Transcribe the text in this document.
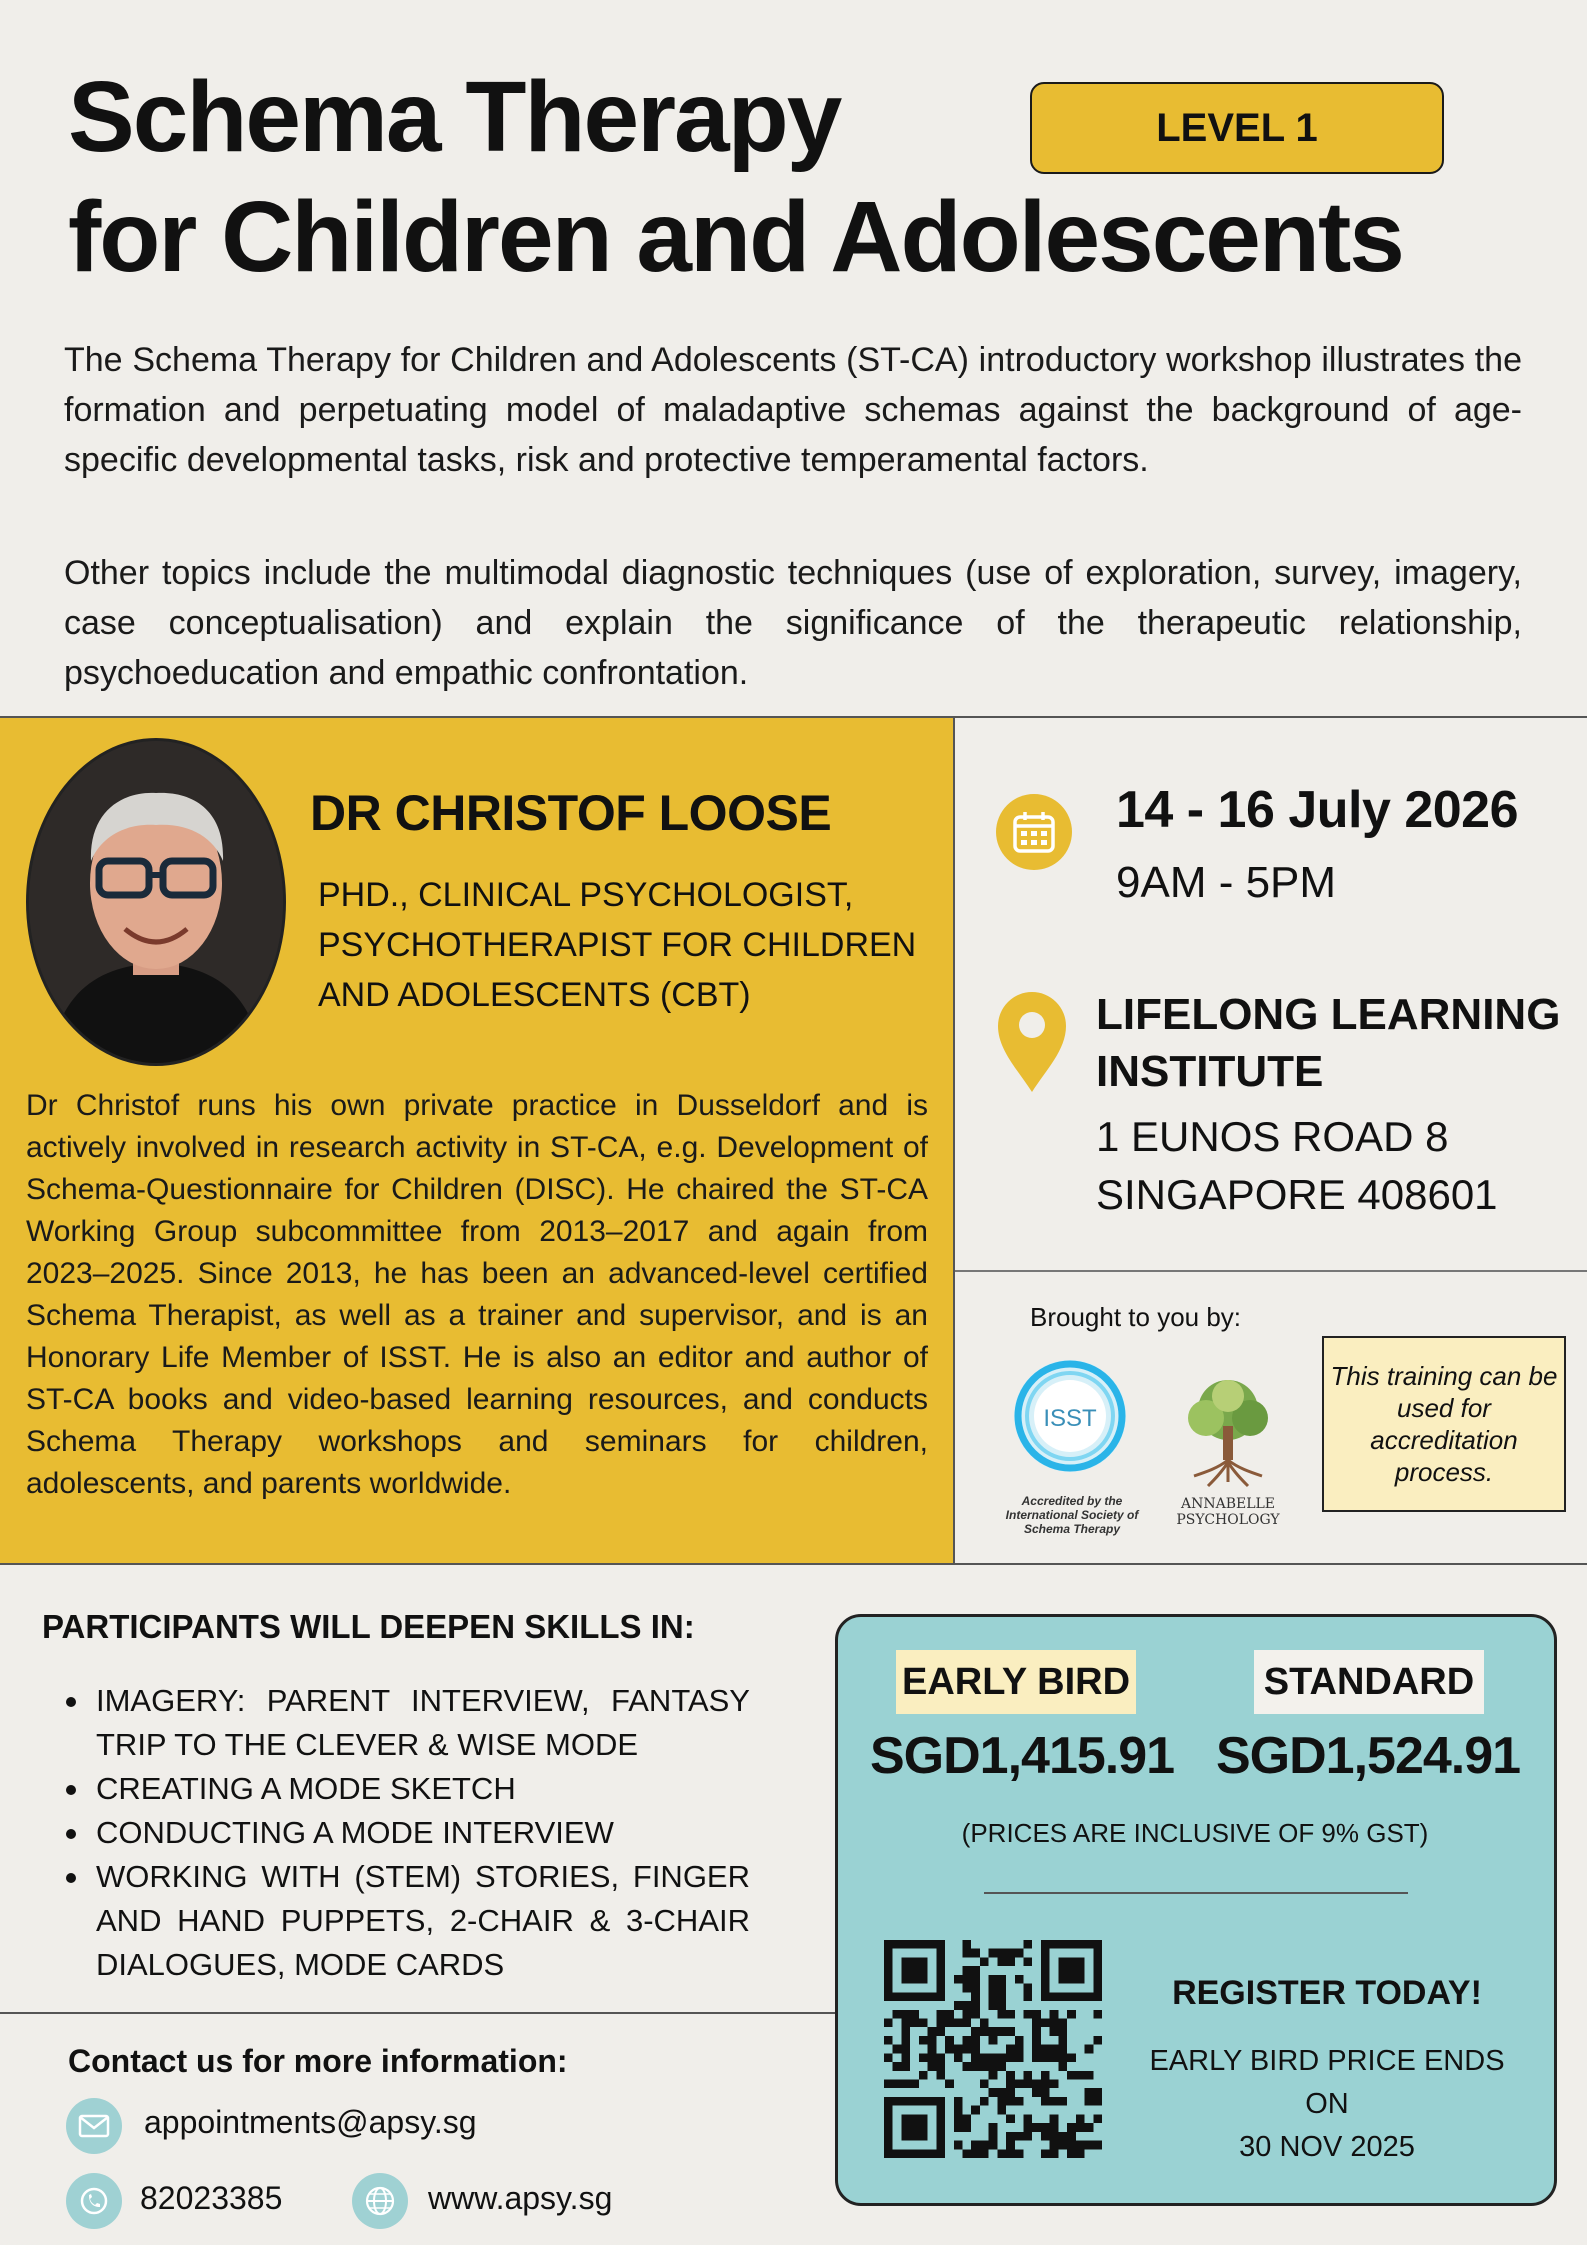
Schema Therapy
for Children and Adolescents
LEVEL 1
The Schema Therapy for Children and Adolescents (ST-CA) introductory workshop illustrates the formation and perpetuating model of maladaptive schemas against the background of age-specific developmental tasks, risk and protective temperamental factors.
Other topics include the multimodal diagnostic techniques (use of exploration, survey, imagery, case conceptualisation) and explain the significance of the therapeutic relationship, psychoeducation and empathic confrontation.
DR CHRISTOF LOOSE
PHD., CLINICAL PSYCHOLOGIST, PSYCHOTHERAPIST FOR CHILDREN AND ADOLESCENTS (CBT)
Dr Christof runs his own private practice in Dusseldorf and is actively involved in research activity in ST-CA, e.g. Development of Schema-Questionnaire for Children (DISC). He chaired the ST-CA Working Group subcommittee from 2013–2017 and again from 2023–2025. Since 2013, he has been an advanced-level certified Schema Therapist, as well as a trainer and supervisor, and is an Honorary Life Member of ISST. He is also an editor and author of ST-CA books and video-based learning resources, and conducts Schema Therapy workshops and seminars for children, adolescents, and parents worldwide.
14 - 16 July 2026
9AM - 5PM
LIFELONG LEARNING INSTITUTE
1 EUNOS ROAD 8
SINGAPORE 408601
Brought to you by:
ISST
Accredited by the International Society of Schema Therapy
ANNABELLE
PSYCHOLOGY
This training can be used for accreditation process.
PARTICIPANTS WILL DEEPEN SKILLS IN:
IMAGERY: PARENT INTERVIEW, FANTASY TRIP TO THE CLEVER & WISE MODE
CREATING A MODE SKETCH
CONDUCTING A MODE INTERVIEW
WORKING WITH (STEM) STORIES, FINGER AND HAND PUPPETS, 2-CHAIR & 3-CHAIR DIALOGUES, MODE CARDS
Contact us for more information:
appointments@apsy.sg
82023385	www.apsy.sg
EARLY BIRD	STANDARD
SGD1,415.91 SGD1,524.91
(PRICES ARE INCLUSIVE OF 9% GST)
REGISTER TODAY!
EARLY BIRD PRICE ENDS ON
30 NOV 2025
